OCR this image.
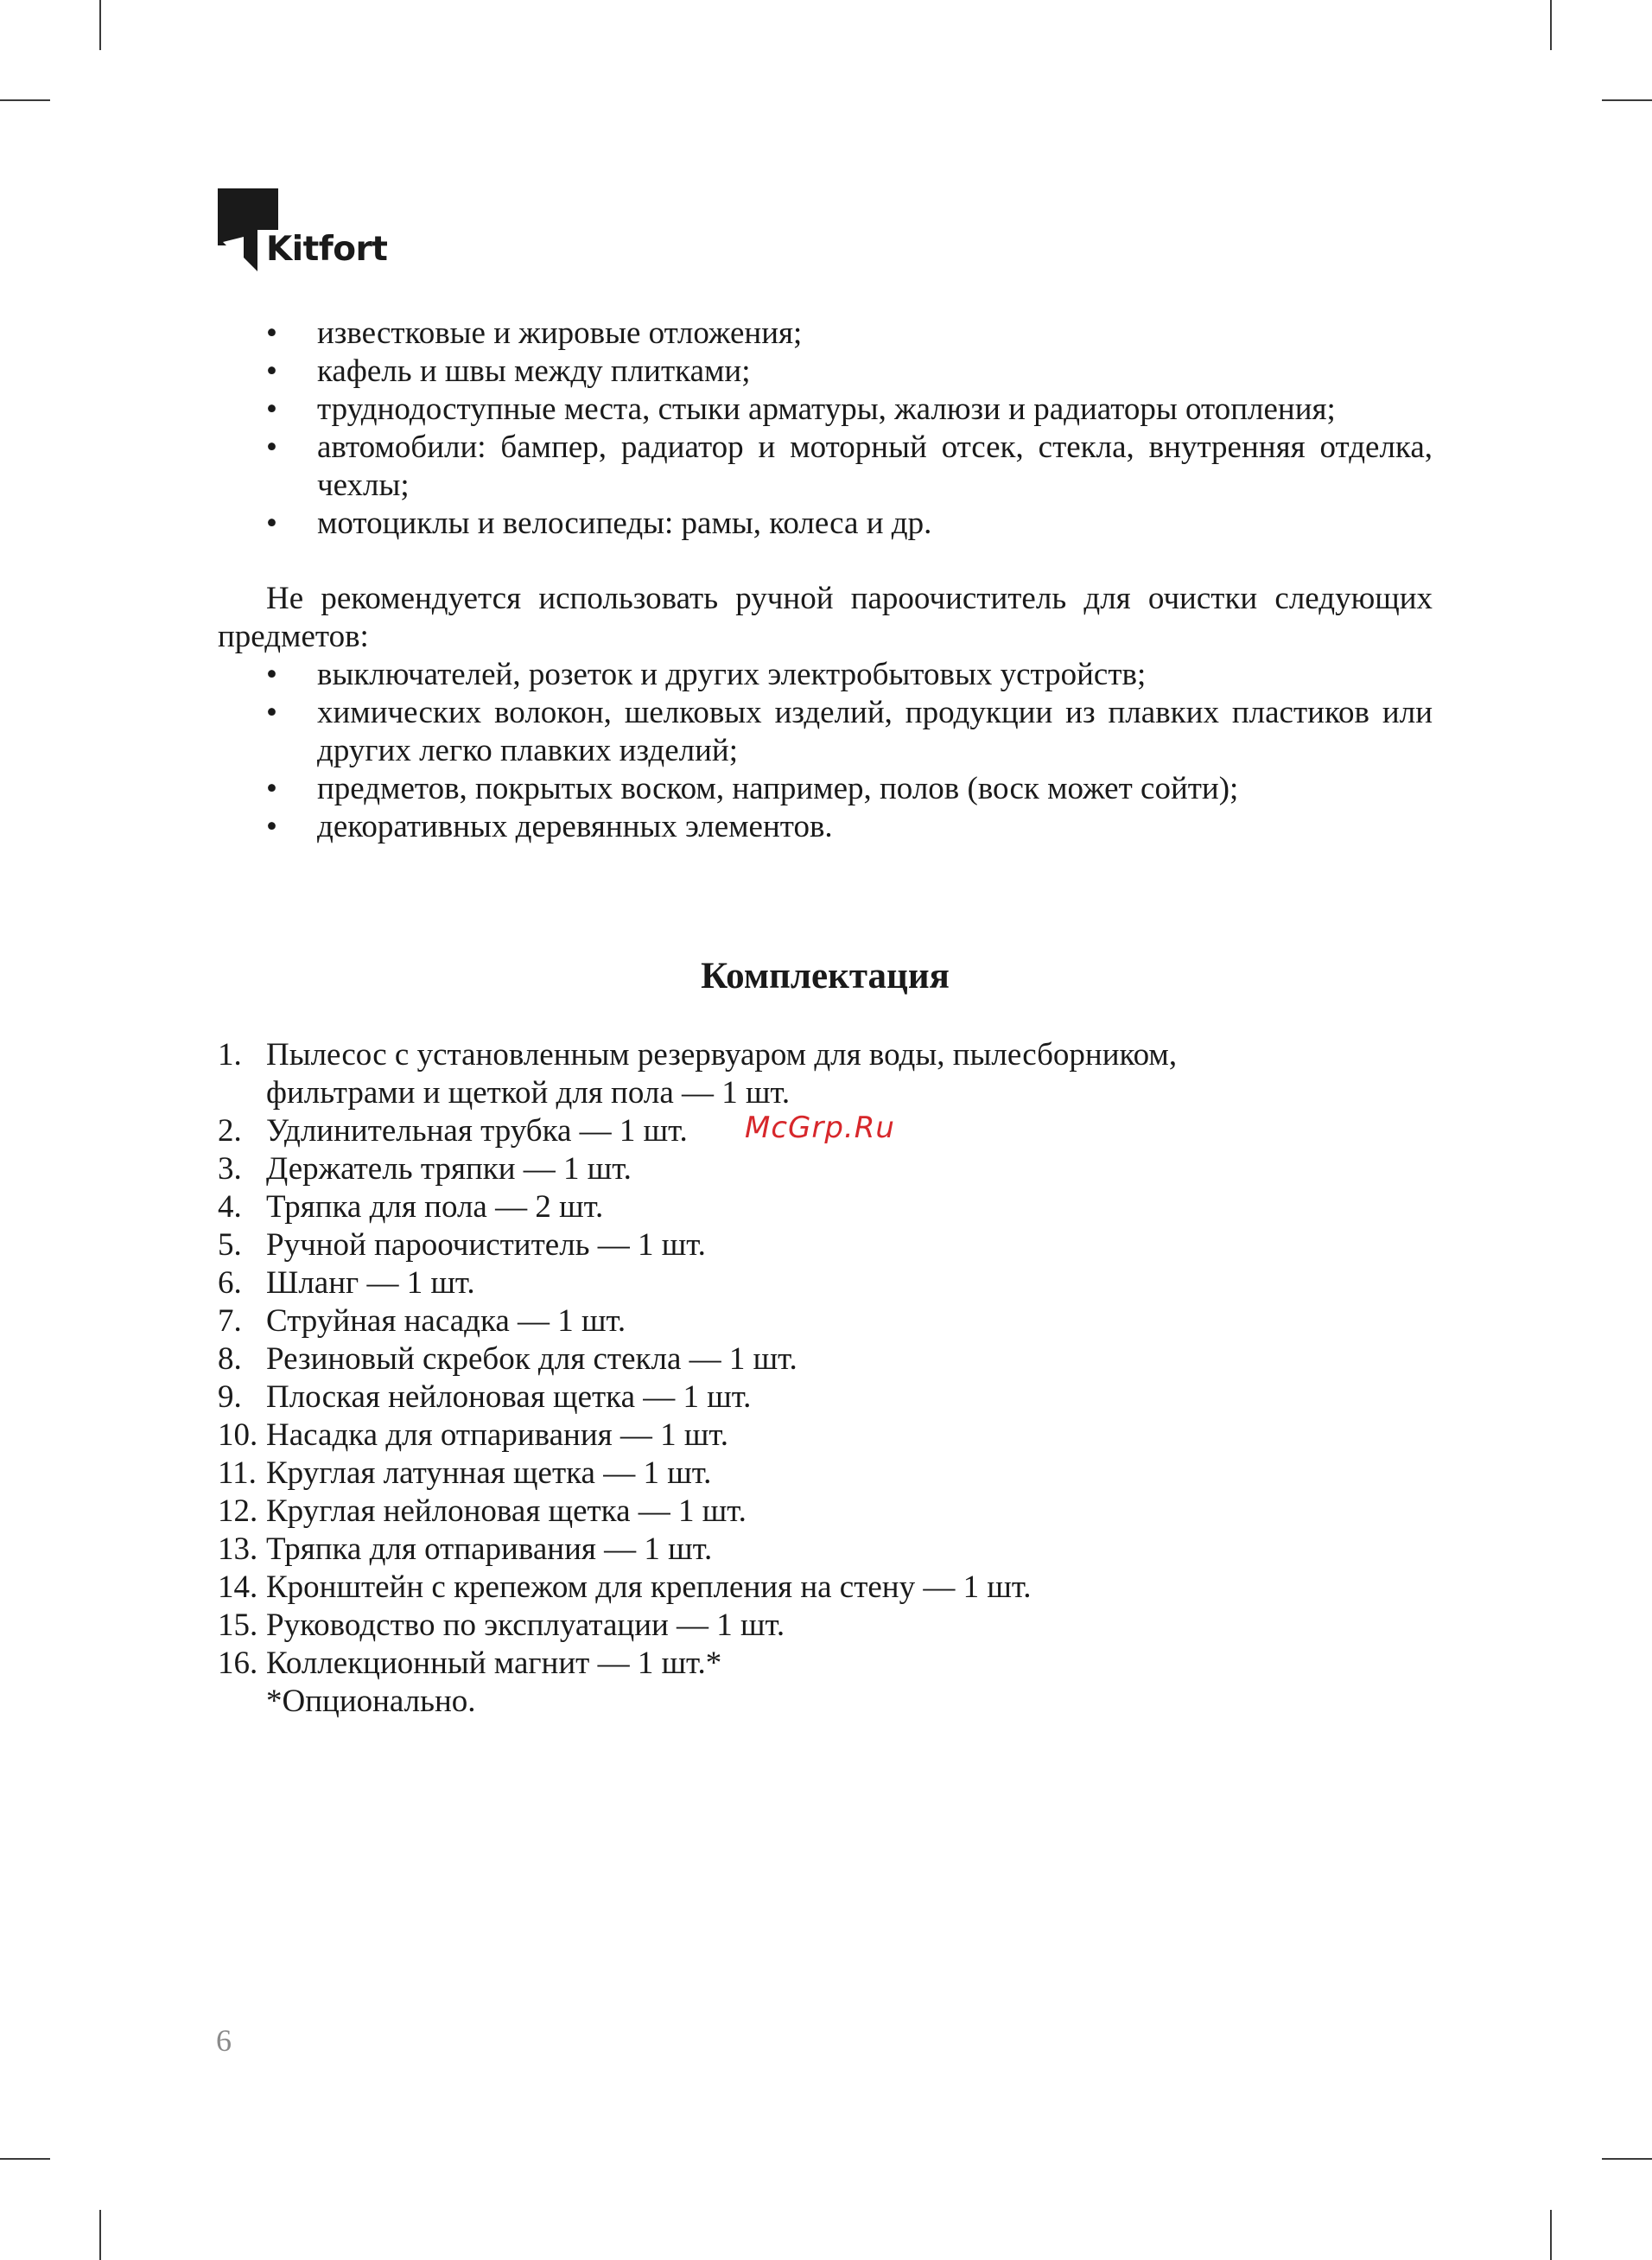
Kitfort
• известковые и жировые отложения;
• кафель и швы между плитками;
• труднодоступные места, стыки арматуры, жалюзи и радиаторы отопления;
• автомобили: бампер, радиатор и моторный отсек, стекла, внутренняя отделка, чехлы;
• мотоциклы и велосипеды: рамы, колеса и др.

Не рекомендуется использовать ручной пароочиститель для очистки следующих предметов:

• выключателей, розеток и других электробытовых устройств;
• химических волокон, шелковых изделий, продукции из плавких пластиков или других легко плавких изделий;
• предметов, покрытых воском, например, полов (воск может сойти);
• декоративных деревянных элементов.
Комплектация
1. Пылесос с установленным резервуаром для воды, пылесборником, фильтрами и щеткой для пола — 1 шт.
2. Удлинительная трубка — 1 шт.
3. Держатель тряпки — 1 шт.
4. Тряпка для пола — 2 шт.
5. Ручной пароочиститель — 1 шт.
6. Шланг — 1 шт.
7. Струйная насадка — 1 шт.
8. Резиновый скребок для стекла — 1 шт.
9. Плоская нейлоновая щетка — 1 шт.
10. Насадка для отпаривания — 1 шт.
11. Круглая латунная щетка — 1 шт.
12. Круглая нейлоновая щетка — 1 шт.
13. Тряпка для отпаривания — 1 шт.
14. Кронштейн с крепежом для крепления на стену — 1 шт.
15. Руководство по эксплуатации — 1 шт.
16. Коллекционный магнит — 1 шт.*
*Опционально.
McGrp.Ru
6
